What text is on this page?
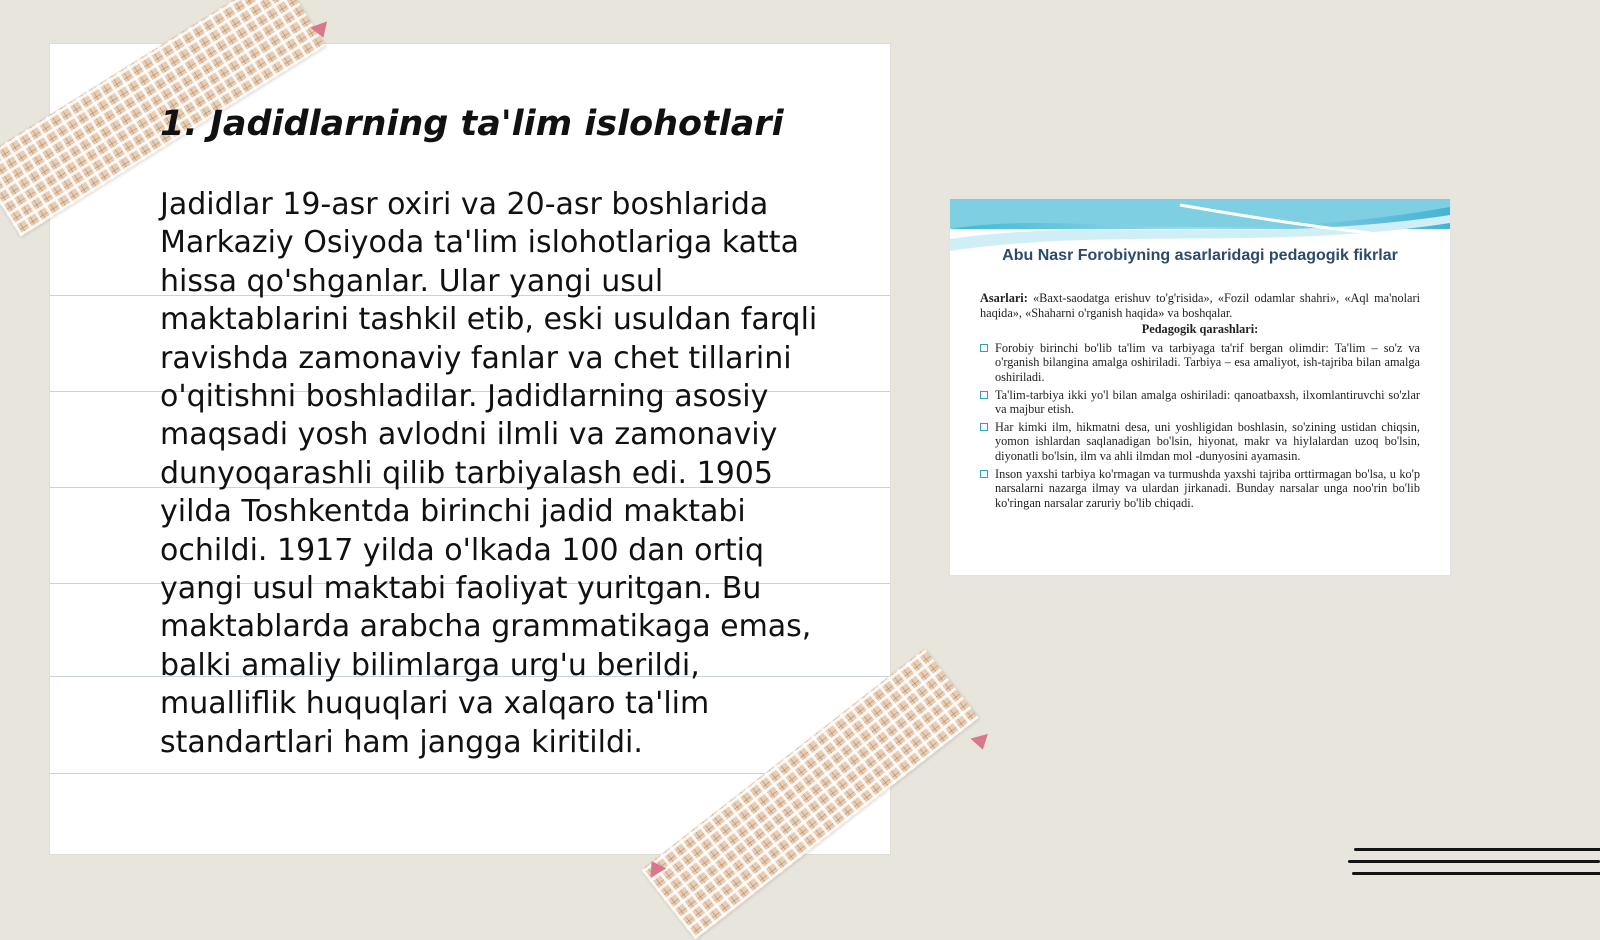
1. Jadidlarning ta'lim islohotlari

Jadidlar 19-asr oxiri va 20-asr boshlarida Markaziy Osiyoda ta'lim islohotlariga katta hissa qo'shganlar. Ular yangi usul maktablarini tashkil etib, eski usuldan farqli ravishda zamonaviy fanlar va chet tillarini o'qitishni boshladilar. Jadidlarning asosiy maqsadi yosh avlodni ilmli va zamonaviy dunyoqarashli qilib tarbiyalash edi. 1905 yilda Toshkentda birinchi jadid maktabi ochildi. 1917 yilda o'lkada 100 dan ortiq yangi usul maktabi faoliyat yuritgan. Bu maktablarda arabcha grammatikaga emas, balki amaliy bilimlarga urg'u berildi, mualliflik huquqlari va xalqaro ta'lim standartlari ham jangga kiritildi.

Abu Nasr Forobiyning asarlaridagi pedagogik fikrlar
Asarlari: «Baxt-saodatga erishuv to'g'risida», «Fozil odamlar shahri», «Aql ma'nolari haqida», «Shaharni o'rganish haqida» va boshqalar.
Pedagogik qarashlari:
Forobiy birinchi bo'lib ta'lim va tarbiyaga ta'rif bergan olimdir: Ta'lim – so'z va o'rganish bilangina amalga oshiriladi. Tarbiya – esa amaliyot, ish-tajriba bilan amalga oshiriladi.
Ta'lim-tarbiya ikki yo'l bilan amalga oshiriladi: qanoatbaxsh, ilxomlantiruvchi so'zlar va majbur etish.
Har kimki ilm, hikmatni desa, uni yoshligidan boshlasin, so'zining ustidan chiqsin, yomon ishlardan saqlanadigan bo'lsin, hiyonat, makr va hiylalardan uzoq bo'lsin, diyonatli bo'lsin, ilm va ahli ilmdan mol -dunyosini ayamasin.
Inson yaxshi tarbiya ko'rmagan va turmushda yaxshi tajriba orttirmagan bo'lsa, u ko'p narsalarni nazarga ilmay va ulardan jirkanadi. Bunday narsalar unga noo'rin bo'lib ko'ringan narsalar zaruriy bo'lib chiqadi.
